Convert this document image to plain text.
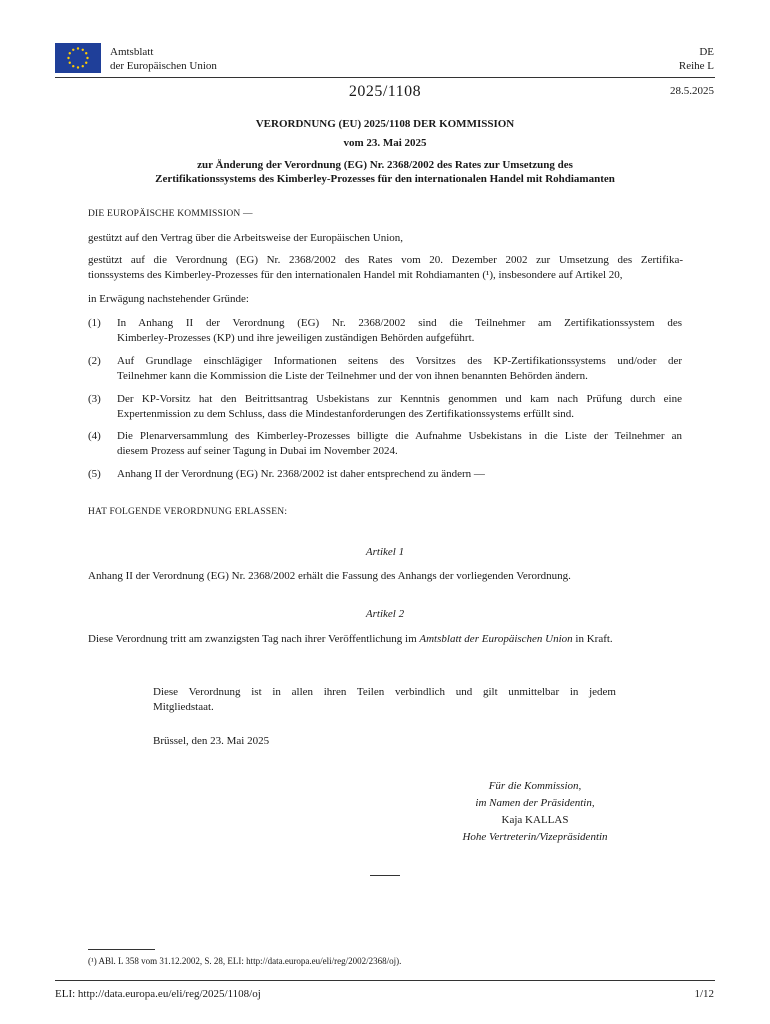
Amtsblatt
der Europäischen Union
DE
Reihe L
2025/1108	28.5.2025
VERORDNUNG (EU) 2025/1108 DER KOMMISSION
vom 23. Mai 2025
zur Änderung der Verordnung (EG) Nr. 2368/2002 des Rates zur Umsetzung des
Zertifikationssystems des Kimberley-Prozesses für den internationalen Handel mit Rohdiamanten
DIE EUROPÄISCHE KOMMISSION —
gestützt auf den Vertrag über die Arbeitsweise der Europäischen Union,
gestützt auf die Verordnung (EG) Nr. 2368/2002 des Rates vom 20. Dezember 2002 zur Umsetzung des Zertifika-
tionssystems des Kimberley-Prozesses für den internationalen Handel mit Rohdiamanten (¹), insbesondere auf Artikel 20,
in Erwägung nachstehender Gründe:
(1) In Anhang II der Verordnung (EG) Nr. 2368/2002 sind die Teilnehmer am Zertifikationssystem des
Kimberley-Prozesses (KP) und ihre jeweiligen zuständigen Behörden aufgeführt.
(2) Auf Grundlage einschlägiger Informationen seitens des Vorsitzes des KP-Zertifikationssystems und/oder der
Teilnehmer kann die Kommission die Liste der Teilnehmer und der von ihnen benannten Behörden ändern.
(3) Der KP-Vorsitz hat den Beitrittsantrag Usbekistans zur Kenntnis genommen und kam nach Prüfung durch eine
Expertenmission zu dem Schluss, dass die Mindestanforderungen des Zertifikationssystems erfüllt sind.
(4) Die Plenarversammlung des Kimberley-Prozesses billigte die Aufnahme Usbekistans in die Liste der Teilnehmer an
diesem Prozess auf seiner Tagung in Dubai im November 2024.
(5) Anhang II der Verordnung (EG) Nr. 2368/2002 ist daher entsprechend zu ändern —
HAT FOLGENDE VERORDNUNG ERLASSEN:
Artikel 1
Anhang II der Verordnung (EG) Nr. 2368/2002 erhält die Fassung des Anhangs der vorliegenden Verordnung.
Artikel 2
Diese Verordnung tritt am zwanzigsten Tag nach ihrer Veröffentlichung im Amtsblatt der Europäischen Union in Kraft.
Diese Verordnung ist in allen ihren Teilen verbindlich und gilt unmittelbar in jedem
Mitgliedstaat.
Brüssel, den 23. Mai 2025
Für die Kommission,
im Namen der Präsidentin,
Kaja KALLAS
Hohe Vertreterin/Vizepräsidentin
(¹) ABl. L 358 vom 31.12.2002, S. 28, ELI: http://data.europa.eu/eli/reg/2002/2368/oj).
ELI: http://data.europa.eu/eli/reg/2025/1108/oj	1/12
